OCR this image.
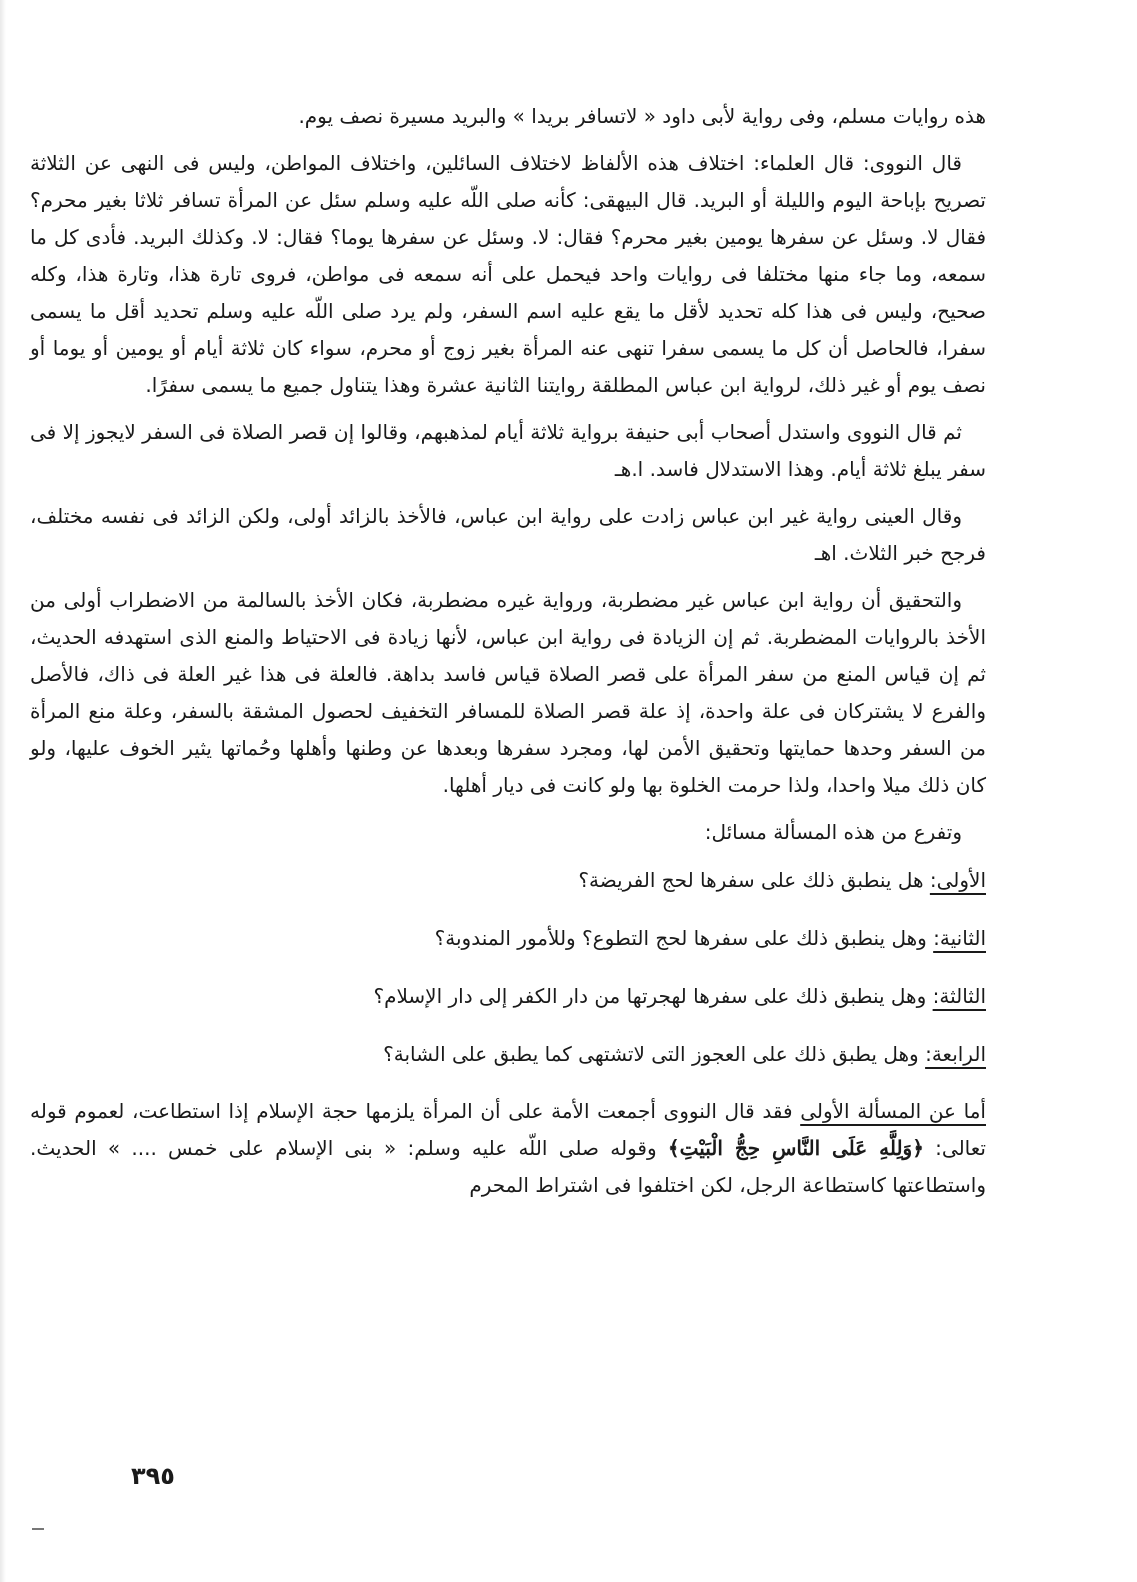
هذه روايات مسلم، وفى رواية لأبى داود « لاتسافر بريدا » والبريد مسيرة نصف يوم.

قال النووى: قال العلماء: اختلاف هذه الألفاظ لاختلاف السائلين، واختلاف المواطن، وليس فى النهى عن الثلاثة تصريح بإباحة اليوم والليلة أو البريد. قال البيهقى: كأنه صلى اللّه عليه وسلم سئل عن المرأة تسافر ثلاثا بغير محرم؟ فقال لا. وسئل عن سفرها يومين بغير محرم؟ فقال: لا. وسئل عن سفرها يوما؟ فقال: لا. وكذلك البريد. فأدى كل ما سمعه، وما جاء منها مختلفا فى روايات واحد فيحمل على أنه سمعه فى مواطن، فروى تارة هذا، وتارة هذا، وكله صحيح، وليس فى هذا كله تحديد لأقل ما يقع عليه اسم السفر، ولم يرد صلى اللّه عليه وسلم تحديد أقل ما يسمى سفرا، فالحاصل أن كل ما يسمى سفرا تنهى عنه المرأة بغير زوج أو محرم، سواء كان ثلاثة أيام أو يومين أو يوما أو نصف يوم أو غير ذلك، لرواية ابن عباس المطلقة روايتنا الثانية عشرة وهذا يتناول جميع ما يسمى سفرًا.

ثم قال النووى واستدل أصحاب أبى حنيفة برواية ثلاثة أيام لمذهبهم، وقالوا إن قصر الصلاة فى السفر لايجوز إلا فى سفر يبلغ ثلاثة أيام. وهذا الاستدلال فاسد. ا.هـ

وقال العينى رواية غير ابن عباس زادت على رواية ابن عباس، فالأخذ بالزائد أولى، ولكن الزائد فى نفسه مختلف، فرجح خبر الثلاث. اهـ

والتحقيق أن رواية ابن عباس غير مضطربة، ورواية غيره مضطربة، فكان الأخذ بالسالمة من الاضطراب أولى من الأخذ بالروايات المضطربة. ثم إن الزيادة فى رواية ابن عباس، لأنها زيادة فى الاحتياط والمنع الذى استهدفه الحديث، ثم إن قياس المنع من سفر المرأة على قصر الصلاة قياس فاسد بداهة. فالعلة فى هذا غير العلة فى ذاك، فالأصل والفرع لا يشتركان فى علة واحدة، إذ علة قصر الصلاة للمسافر التخفيف لحصول المشقة بالسفر، وعلة منع المرأة من السفر وحدها حمايتها وتحقيق الأمن لها، ومجرد سفرها وبعدها عن وطنها وأهلها وحُماتها يثير الخوف عليها، ولو كان ذلك ميلا واحدا، ولذا حرمت الخلوة بها ولو كانت فى ديار أهلها.

وتفرع من هذه المسألة مسائل:

الأولى: هل ينطبق ذلك على سفرها لحج الفريضة؟

الثانية: وهل ينطبق ذلك على سفرها لحج التطوع؟ وللأمور المندوبة؟

الثالثة: وهل ينطبق ذلك على سفرها لهجرتها من دار الكفر إلى دار الإسلام؟

الرابعة: وهل يطبق ذلك على العجوز التى لاتشتهى كما يطبق على الشابة؟

أما عن المسألة الأولى فقد قال النووى أجمعت الأمة على أن المرأة يلزمها حجة الإسلام إذا استطاعت، لعموم قوله تعالى: ﴿وَلِلَّهِ عَلَى النَّاسِ حِجُّ الْبَيْتِ﴾ وقوله صلى اللّه عليه وسلم: « بنى الإسلام على خمس .... » الحديث. واستطاعتها كاستطاعة الرجل، لكن اختلفوا فى اشتراط المحرم

٣٩٥
